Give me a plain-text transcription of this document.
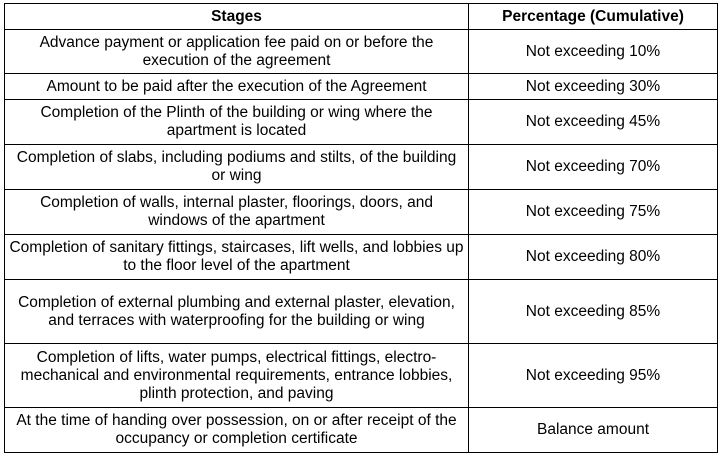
Stages	Percentage (Cumulative)
Advance payment or application fee paid on or before the execution of the agreement	Not exceeding 10%
Amount to be paid after the execution of the Agreement	Not exceeding 30%
Completion of the Plinth of the building or wing where the apartment is located	Not exceeding 45%
Completion of slabs, including podiums and stilts, of the building or wing	Not exceeding 70%
Completion of walls, internal plaster, floorings, doors, and windows of the apartment	Not exceeding 75%
Completion of sanitary fittings, staircases, lift wells, and lobbies up to the floor level of the apartment	Not exceeding 80%
Completion of external plumbing and external plaster, elevation, and terraces with waterproofing for the building or wing	Not exceeding 85%
Completion of lifts, water pumps, electrical fittings, electro-mechanical and environmental requirements, entrance lobbies, plinth protection, and paving	Not exceeding 95%
At the time of handing over possession, on or after receipt of the occupancy or completion certificate	Balance amount
